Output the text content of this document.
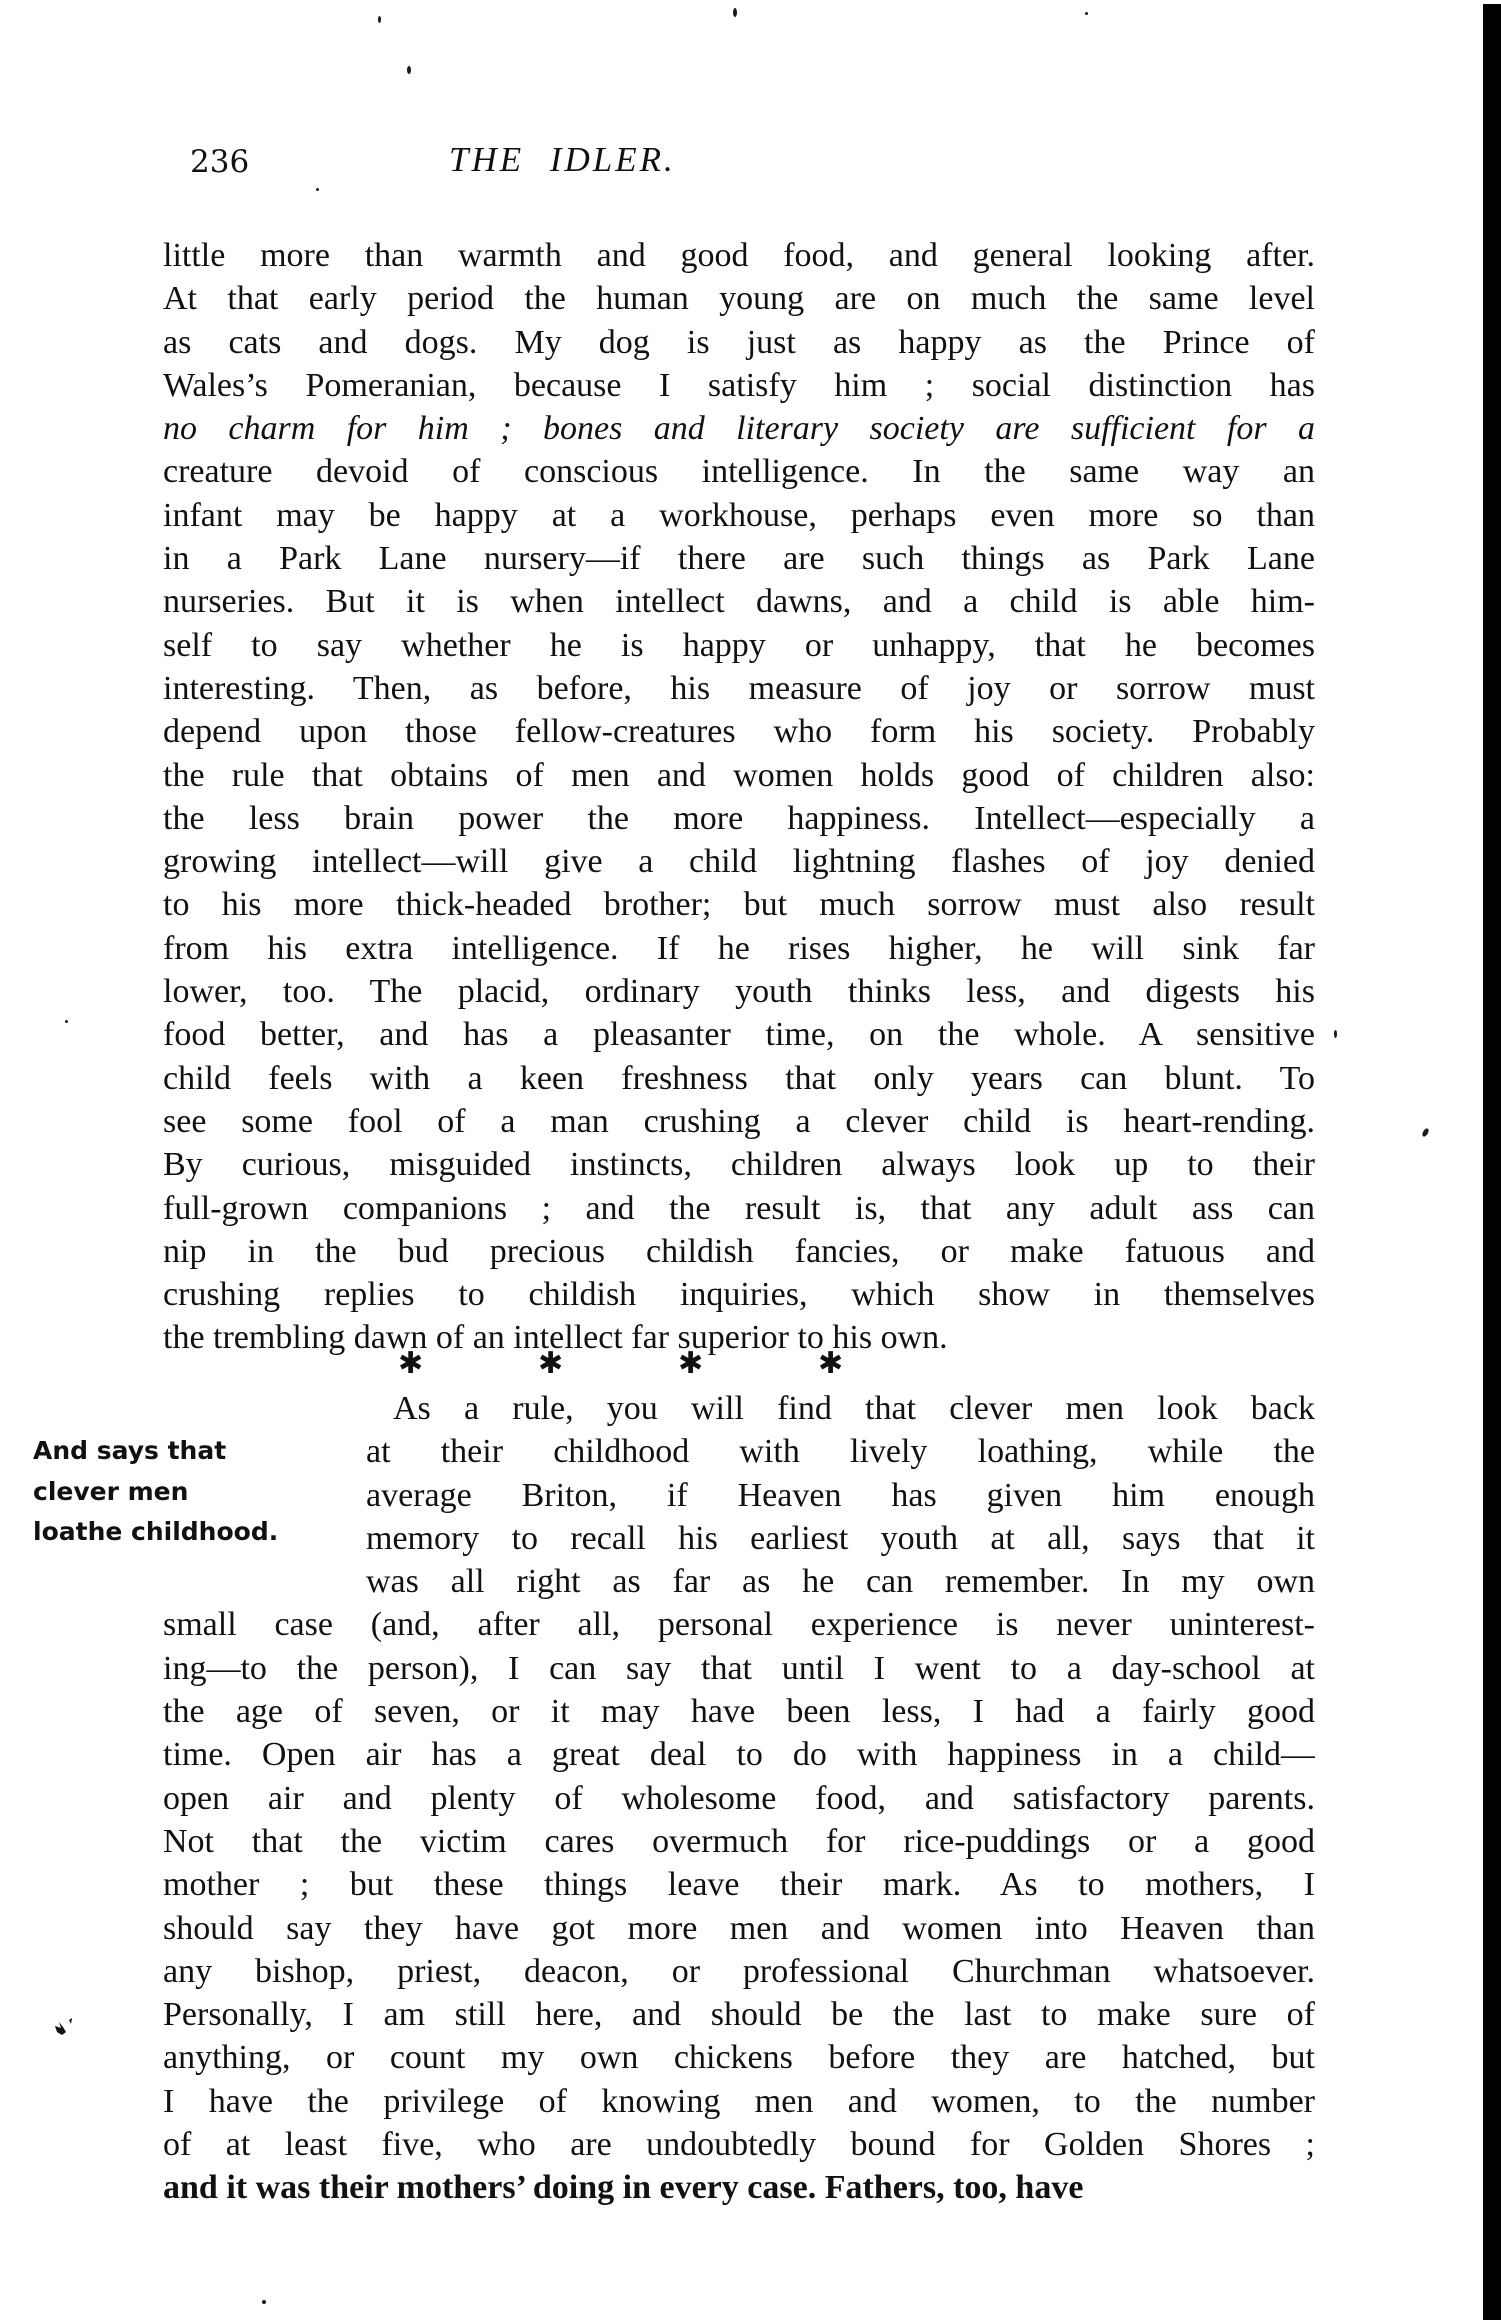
236	THE IDLER.
little more than warmth and good food, and general looking after.
At that early period the human young are on much the same level
as cats and dogs. My dog is just as happy as the Prince of
Wales’s Pomeranian, because I satisfy him ; social distinction has
no charm for him ; bones and literary society are sufficient for a
creature devoid of conscious intelligence. In the same way an
infant may be happy at a workhouse, perhaps even more so than
in a Park Lane nursery—if there are such things as Park Lane
nurseries. But it is when intellect dawns, and a child is able him-
self to say whether he is happy or unhappy, that he becomes
interesting. Then, as before, his measure of joy or sorrow must
depend upon those fellow-creatures who form his society. Probably
the rule that obtains of men and women holds good of children also:
the less brain power the more happiness. Intellect—especially a
growing intellect—will give a child lightning flashes of joy denied
to his more thick-headed brother; but much sorrow must also result
from his extra intelligence. If he rises higher, he will sink far
lower, too. The placid, ordinary youth thinks less, and digests his
food better, and has a pleasanter time, on the whole. A sensitive
child feels with a keen freshness that only years can blunt. To
see some fool of a man crushing a clever child is heart-rending.
By curious, misguided instincts, children always look up to their
full-grown companions ; and the result is, that any adult ass can
nip in the bud precious childish fancies, or make fatuous and
crushing replies to childish inquiries, which show in themselves
the trembling dawn of an intellect far superior to his own.
✱	✱	✱	✱
And says that
clever men
loathe childhood.
As a rule, you will find that clever men look back
at their childhood with lively loathing, while the
average Briton, if Heaven has given him enough
memory to recall his earliest youth at all, says that it
was all right as far as he can remember. In my own
small case (and, after all, personal experience is never uninterest-
ing—to the person), I can say that until I went to a day-school at
the age of seven, or it may have been less, I had a fairly good
time. Open air has a great deal to do with happiness in a child—
open air and plenty of wholesome food, and satisfactory parents.
Not that the victim cares overmuch for rice-puddings or a good
mother ; but these things leave their mark. As to mothers, I
should say they have got more men and women into Heaven than
any bishop, priest, deacon, or professional Churchman whatsoever.
Personally, I am still here, and should be the last to make sure of
anything, or count my own chickens before they are hatched, but
I have the privilege of knowing men and women, to the number
of at least five, who are undoubtedly bound for Golden Shores ;
and it was their mothers’ doing in every case. Fathers, too, have
